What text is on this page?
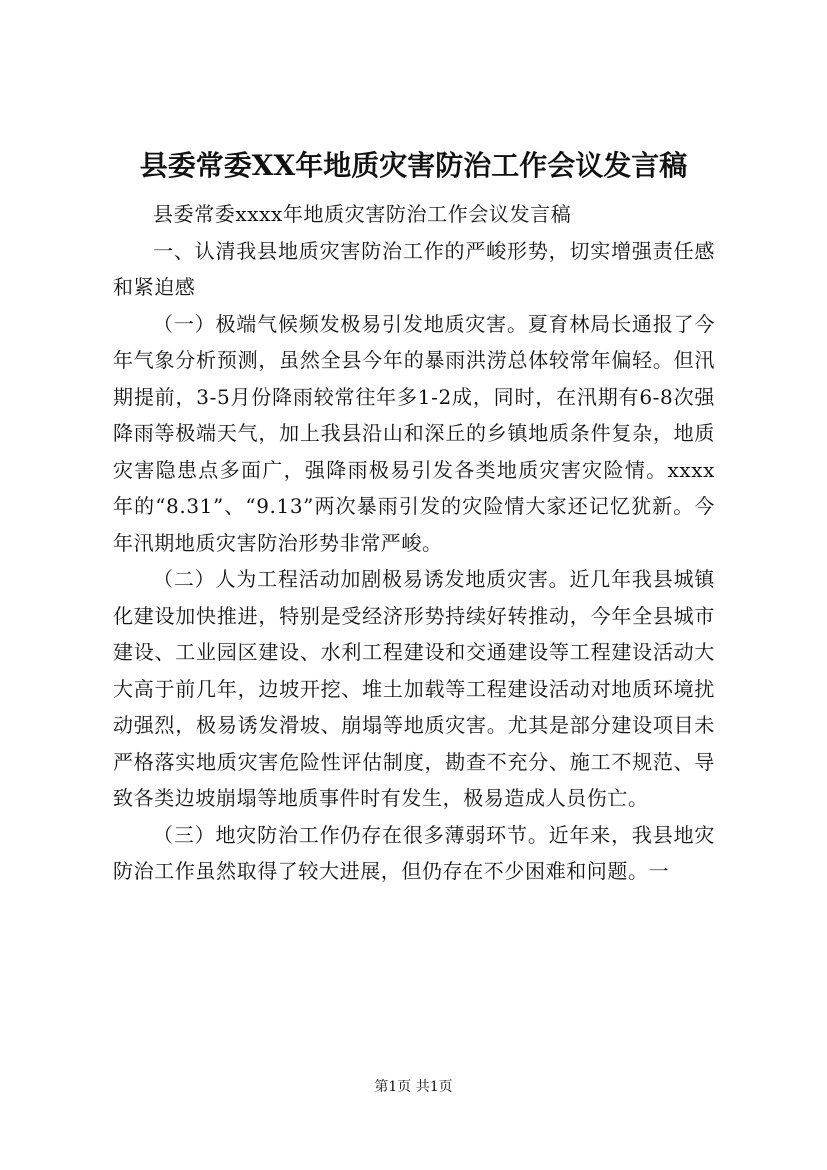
县委常委XX年地质灾害防治工作会议发言稿

县委常委xxxx年地质灾害防治工作会议发言稿

一、认清我县地质灾害防治工作的严峻形势，切实增强责任感和紧迫感

（一）极端气候频发极易引发地质灾害。夏育林局长通报了今年气象分析预测，虽然全县今年的暴雨洪涝总体较常年偏轻。但汛期提前，3-5月份降雨较常往年多1-2成，同时，在汛期有6-8次强降雨等极端天气，加上我县沿山和深丘的乡镇地质条件复杂，地质灾害隐患点多面广，强降雨极易引发各类地质灾害灾险情。xxxx年的“8.31”、“9.13”两次暴雨引发的灾险情大家还记忆犹新。今年汛期地质灾害防治形势非常严峻。

（二）人为工程活动加剧极易诱发地质灾害。近几年我县城镇化建设加快推进，特别是受经济形势持续好转推动，今年全县城市建设、工业园区建设、水利工程建设和交通建设等工程建设活动大大高于前几年，边坡开挖、堆土加载等工程建设活动对地质环境扰动强烈，极易诱发滑坡、崩塌等地质灾害。尤其是部分建设项目未严格落实地质灾害危险性评估制度，勘查不充分、施工不规范、导致各类边坡崩塌等地质事件时有发生，极易造成人员伤亡。

（三）地灾防治工作仍存在很多薄弱环节。近年来，我县地灾防治工作虽然取得了较大进展，但仍存在不少困难和问题。一

第1页 共1页
